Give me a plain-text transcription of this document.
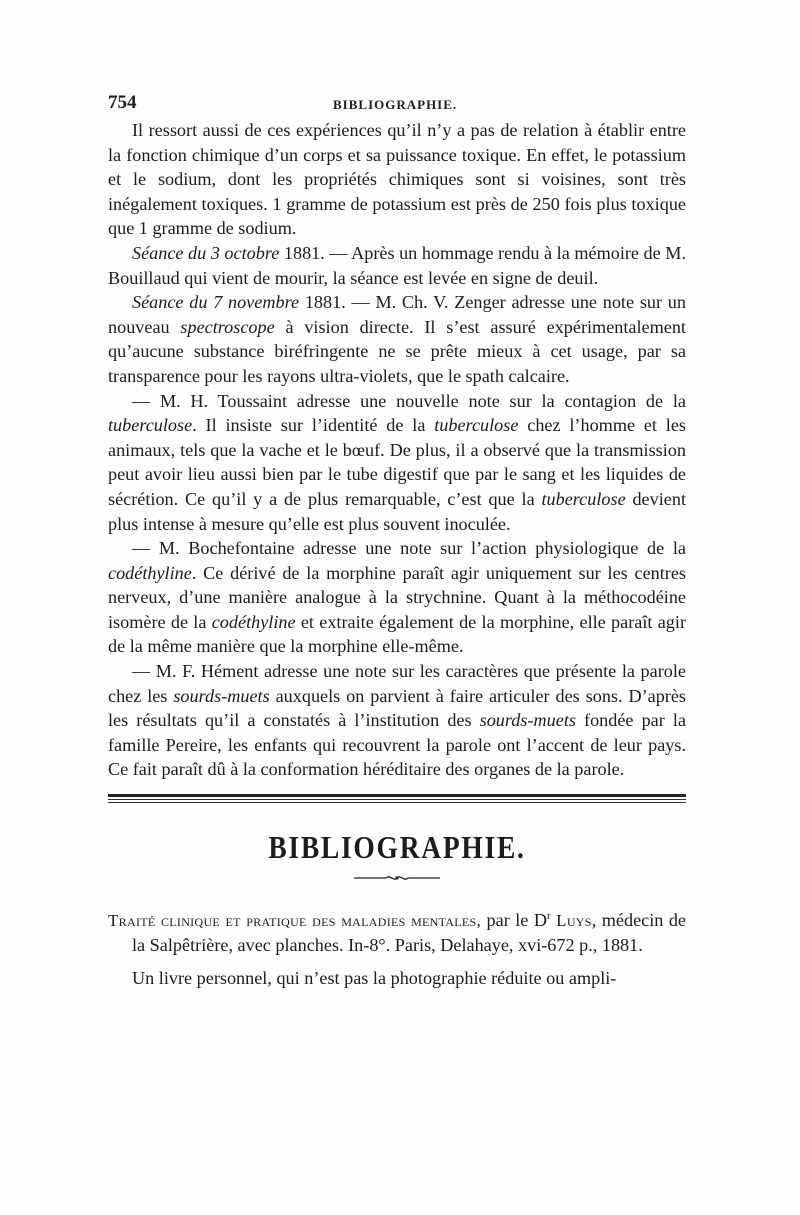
754	BIBLIOGRAPHIE.

Il ressort aussi de ces expériences qu’il n’y a pas de relation à établir entre la fonction chimique d’un corps et sa puissance toxique. En effet, le potassium et le sodium, dont les propriétés chimiques sont si voisines, sont très inégalement toxiques. 1 gramme de potassium est près de 250 fois plus toxique que 1 gramme de sodium.

Séance du 3 octobre 1881. — Après un hommage rendu à la mémoire de M. Bouillaud qui vient de mourir, la séance est levée en signe de deuil.

Séance du 7 novembre 1881. — M. Ch. V. Zenger adresse une note sur un nouveau spectroscope à vision directe. Il s’est assuré expérimentalement qu’aucune substance biréfringente ne se prête mieux à cet usage, par sa transparence pour les rayons ultra-violets, que le spath calcaire.

— M. H. Toussaint adresse une nouvelle note sur la contagion de la tuberculose. Il insiste sur l’identité de la tuberculose chez l’homme et les animaux, tels que la vache et le bœuf. De plus, il a observé que la transmission peut avoir lieu aussi bien par le tube digestif que par le sang et les liquides de sécrétion. Ce qu’il y a de plus remarquable, c’est que la tuberculose devient plus intense à mesure qu’elle est plus souvent inoculée.

— M. Bochefontaine adresse une note sur l’action physiologique de la codéthyline. Ce dérivé de la morphine paraît agir uniquement sur les centres nerveux, d’une manière analogue à la strychnine. Quant à la méthocodéine isomère de la codéthyline et extraite également de la morphine, elle paraît agir de la même manière que la morphine elle-même.

— M. F. Hément adresse une note sur les caractères que présente la parole chez les sourds-muets auxquels on parvient à faire articuler des sons. D’après les résultats qu’il a constatés à l’institution des sourds-muets fondée par la famille Pereire, les enfants qui recouvrent la parole ont l’accent de leur pays. Ce fait paraît dû à la conformation héréditaire des organes de la parole.

BIBLIOGRAPHIE.

Traité clinique et pratique des maladies mentales, par le $D^r$ Luys, médecin de la Salpêtrière, avec planches. In-8°. Paris, Delahaye, xvi-672 p., 1881.

Un livre personnel, qui n’est pas la photographie réduite ou ampli-
